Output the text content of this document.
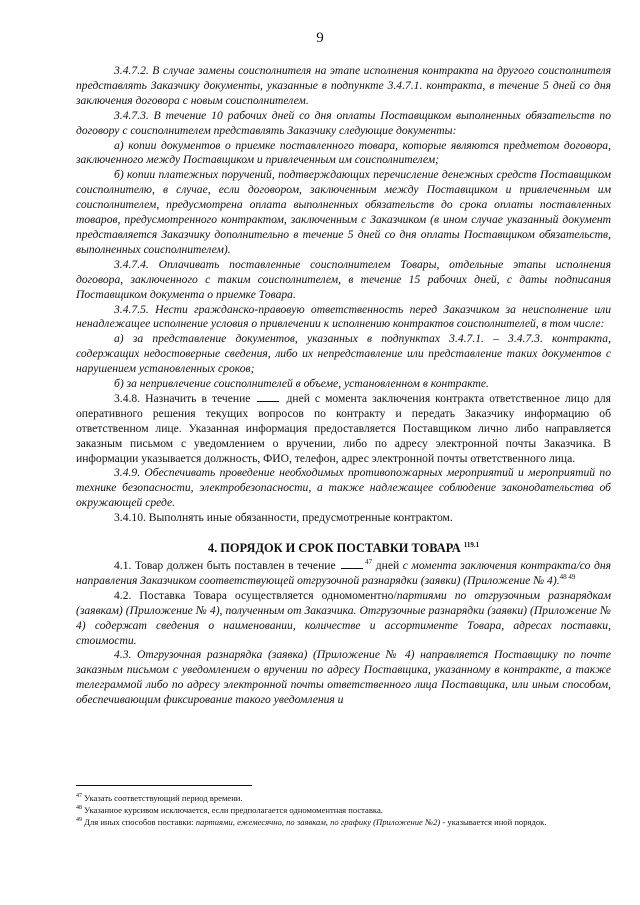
9

3.4.7.2. В случае замены соисполнителя на этапе исполнения контракта на другого соисполнителя представлять Заказчику документы, указанные в подпункте 3.4.7.1. контракта, в течение 5 дней со дня заключения договора с новым соисполнителем.

3.4.7.3. В течение 10 рабочих дней со дня оплаты Поставщиком выполненных обязательств по договору с соисполнителем представлять Заказчику следующие документы:

а) копии документов о приемке поставленного товара, которые являются предметом договора, заключенного между Поставщиком и привлеченным им соисполнителем;

б) копии платежных поручений, подтверждающих перечисление денежных средств Поставщиком соисполнителю, в случае, если договором, заключенным между Поставщиком и привлеченным им соисполнителем, предусмотрена оплата выполненных обязательств до срока оплаты поставленных товаров, предусмотренного контрактом, заключенным с Заказчиком (в ином случае указанный документ представляется Заказчику дополнительно в течение 5 дней со дня оплаты Поставщиком обязательств, выполненных соисполнителем).

3.4.7.4. Оплачивать поставленные соисполнителем Товары, отдельные этапы исполнения договора, заключенного с таким соисполнителем, в течение 15 рабочих дней, с даты подписания Поставщиком документа о приемке Товара.

3.4.7.5. Нести гражданско-правовую ответственность перед Заказчиком за неисполнение или ненадлежащее исполнение условия о привлечении к исполнению контрактов соисполнителей, в том числе:

а) за представление документов, указанных в подпунктах 3.4.7.1. – 3.4.7.3. контракта, содержащих недостоверные сведения, либо их непредставление или представление таких документов с нарушением установленных сроков;

б) за непривлечение соисполнителей в объеме, установленном в контракте.

3.4.8. Назначить в течение	дней с момента заключения контракта ответственное лицо для оперативного решения текущих вопросов по контракту и передать Заказчику информацию об ответственном лице. Указанная информация предоставляется Поставщиком лично либо направляется заказным письмом с уведомлением о вручении, либо по адресу электронной почты Заказчика. В информации указывается должность, ФИО, телефон, адрес электронной почты ответственного лица.

3.4.9. Обеспечивать проведение необходимых противопожарных мероприятий и мероприятий по технике безопасности, электробезопасности, а также надлежащее соблюдение законодательства об окружающей среде.

3.4.10. Выполнять иные обязанности, предусмотренные контрактом.

4. ПОРЯДОК И СРОК ПОСТАВКИ ТОВАРА $^{119.1}$

4.1. Товар должен быть поставлен в течение	$^{47}$ дней с момента заключения контракта/со дня направления Заказчиком соответствующей отгрузочной разнарядки (заявки) (Приложение № 4).$^{48 49}$

4.2. Поставка Товара осуществляется одномоментно/партиями по отгрузочным разнарядкам (заявкам) (Приложение № 4), полученным от Заказчика. Отгрузочные разнарядки (заявки) (Приложение № 4) содержат сведения о наименовании, количестве и ассортименте Товара, адресах поставки, стоимости.

4.3. Отгрузочная разнарядка (заявка) (Приложение № 4) направляется Поставщику по почте заказным письмом с уведомлением о вручении по адресу Поставщика, указанному в контракте, а также телеграммой либо по адресу электронной почты ответственного лица Поставщика, или иным способом, обеспечивающим фиксирование такого уведомления и

$^{47}$ Указать соответствующий период времени.

$^{48}$ Указанное курсивом исключается, если предполагается одномоментная поставка.

$^{49}$ Для иных способов поставки: партиями, ежемесячно, по заявкам, по графику (Приложение №2) - указывается иной порядок.
